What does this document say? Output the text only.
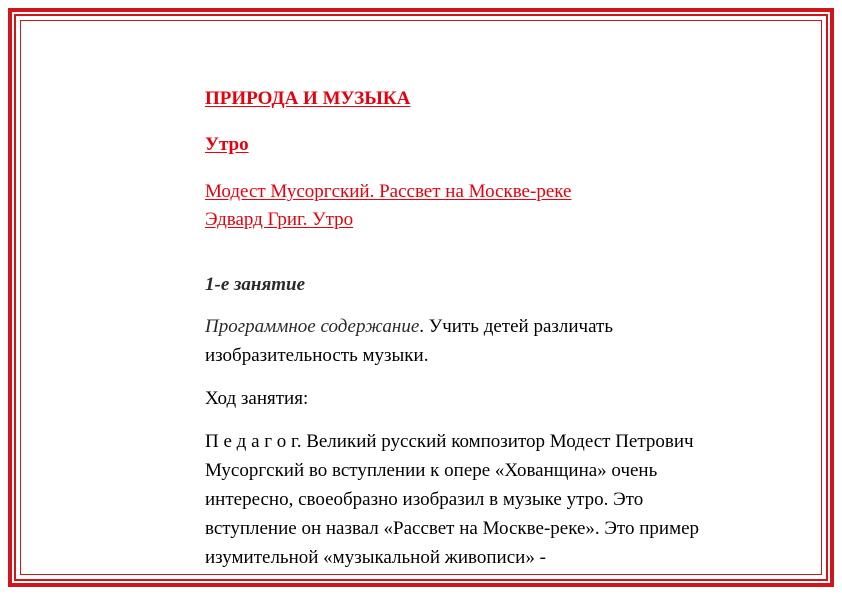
ПРИРОДА И МУЗЫКА
Утро
Модест Мусоргский. Рассвет на Москве-реке
Эдвард Григ. Утро
1-е занятие
Программное содержание. Учить детей различать изобразительность музыки.
Ход занятия:
П е д а г о г. Великий русский композитор Модест Петрович Мусоргский во вступлении к опере «Хованщина» очень интересно, своеобразно изобразил в музыке утро. Это вступление он назвал «Рассвет на Москве-реке». Это пример изумительной «музыкальной живописи» -
